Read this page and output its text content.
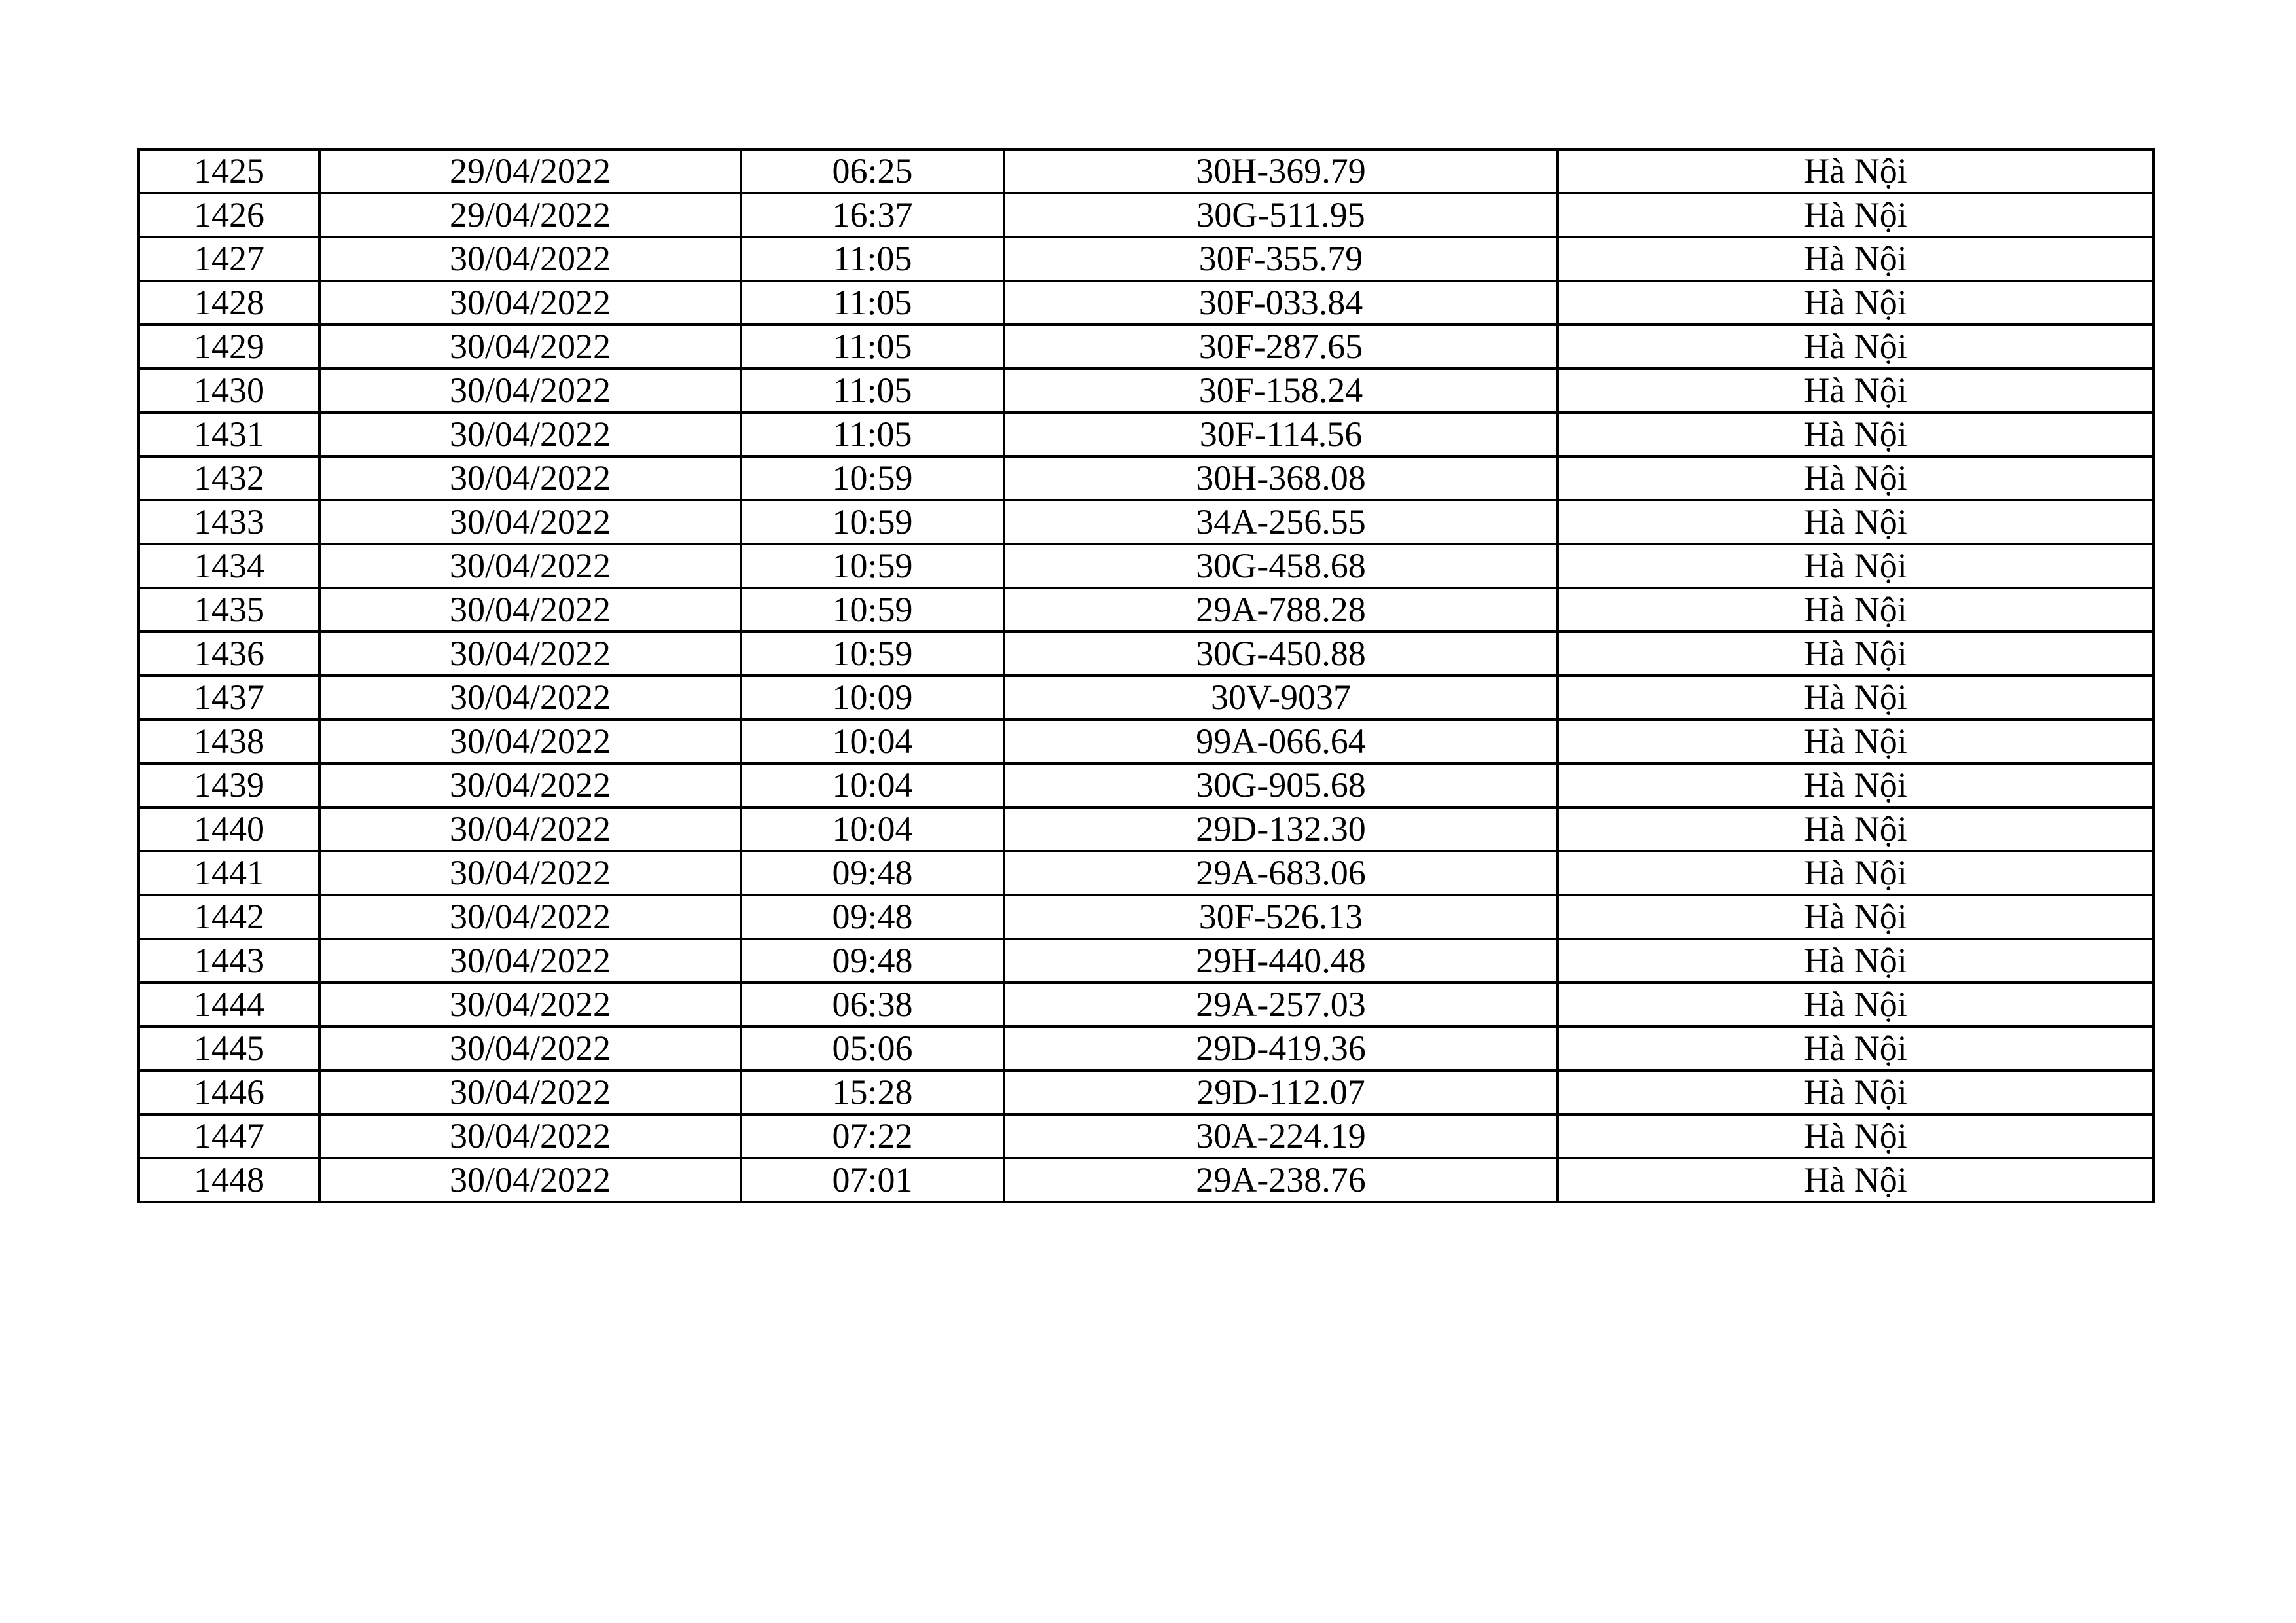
1425	29/04/2022	06:25	30H-369.79	Hà Nội
1426	29/04/2022	16:37	30G-511.95	Hà Nội
1427	30/04/2022	11:05	30F-355.79	Hà Nội
1428	30/04/2022	11:05	30F-033.84	Hà Nội
1429	30/04/2022	11:05	30F-287.65	Hà Nội
1430	30/04/2022	11:05	30F-158.24	Hà Nội
1431	30/04/2022	11:05	30F-114.56	Hà Nội
1432	30/04/2022	10:59	30H-368.08	Hà Nội
1433	30/04/2022	10:59	34A-256.55	Hà Nội
1434	30/04/2022	10:59	30G-458.68	Hà Nội
1435	30/04/2022	10:59	29A-788.28	Hà Nội
1436	30/04/2022	10:59	30G-450.88	Hà Nội
1437	30/04/2022	10:09	30V-9037	Hà Nội
1438	30/04/2022	10:04	99A-066.64	Hà Nội
1439	30/04/2022	10:04	30G-905.68	Hà Nội
1440	30/04/2022	10:04	29D-132.30	Hà Nội
1441	30/04/2022	09:48	29A-683.06	Hà Nội
1442	30/04/2022	09:48	30F-526.13	Hà Nội
1443	30/04/2022	09:48	29H-440.48	Hà Nội
1444	30/04/2022	06:38	29A-257.03	Hà Nội
1445	30/04/2022	05:06	29D-419.36	Hà Nội
1446	30/04/2022	15:28	29D-112.07	Hà Nội
1447	30/04/2022	07:22	30A-224.19	Hà Nội
1448	30/04/2022	07:01	29A-238.76	Hà Nội
